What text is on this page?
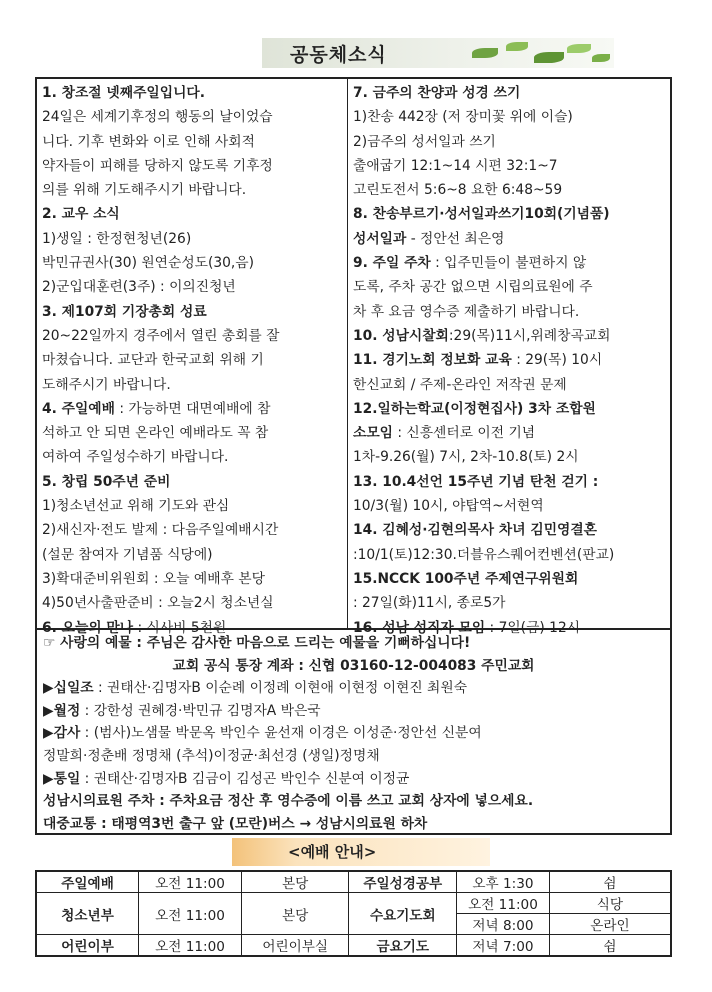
공동체소식
1. 창조절 넷째주일입니다.
24일은 세계기후정의 행동의 날이었습
니다. 기후 변화와 이로 인해 사회적
약자들이 피해를 당하지 않도록 기후정
의를 위해 기도해주시기 바랍니다.
2. 교우 소식
1)생일 : 한정현청년(26)
박민규권사(30) 원연순성도(30,음)
2)군입대훈련(3주) : 이의진청년
3. 제107회 기장총회 성료
20~22일까지 경주에서 열린 총회를 잘
마쳤습니다. 교단과 한국교회 위해 기
도해주시기 바랍니다.
4. 주일예배 : 가능하면 대면예배에 참
석하고 안 되면 온라인 예배라도 꼭 참
여하여 주일성수하기 바랍니다.
5. 창립 50주년 준비
1)청소년선교 위해 기도와 관심
2)새신자·전도 발제 : 다음주일예배시간
(설문 참여자 기념품 식당에)
3)확대준비위원회 : 오늘 예배후 본당
4)50년사출판준비 : 오늘2시 청소년실
6. 오늘의 만나 : 식사비 5천원
7. 금주의 찬양과 성경 쓰기
1)찬송 442장 (저 장미꽃 위에 이슬)
2)금주의 성서일과 쓰기
출애굽기 12:1~14 시편 32:1~7
고린도전서 5:6~8 요한 6:48~59
8. 찬송부르기·성서일과쓰기10회(기념품)
성서일과 - 정안선 최은영
9. 주일 주차 : 입주민들이 불편하지 않
도록, 주차 공간 없으면 시립의료원에 주
차 후 요금 영수증 제출하기 바랍니다.
10. 성남시찰회:29(목)11시,위례창곡교회
11. 경기노회 정보화 교육 : 29(목) 10시
한신교회 / 주제-온라인 저작권 문제
12.일하는학교(이정현집사) 3차 조합원
소모임 : 신흥센터로 이전 기념
1차-9.26(월) 7시, 2차-10.8(토) 2시
13. 10.4선언 15주년 기념 탄천 걷기 :
10/3(월) 10시, 야탑역~서현역
14. 김혜성·김현의목사 차녀 김민영결혼
:10/1(토)12:30.더블유스퀘어컨벤션(판교)
15.NCCK 100주년 주제연구위원회
: 27일(화)11시, 종로5가
16. 성남 성직자 모임 : 7일(금) 12시
☞ 사랑의 예물 : 주님은 감사한 마음으로 드리는 예물을 기뻐하십니다!
교회 공식 통장 계좌 : 신협 03160-12-004083 주민교회
▶십일조 : 권태산·김명자B 이순례 이정례 이현애 이현정 이현진 최원숙
▶월정 : 강한성 권혜경·박민규 김명자A 박은국
▶감사 : (범사)노샘물 박문옥 박인수 윤선재 이경은 이성준·정안선 신분여
정말희·정춘배 정명채 (추석)이정균·최선경 (생일)정명채
▶통일 : 권태산·김명자B 김금이 김성곤 박인수 신분여 이정균
성남시의료원 주차 : 주차요금 정산 후 영수증에 이름 쓰고 교회 상자에 넣으세요.
대중교통 : 태평역3번 출구 앞 (모란)버스 → 성남시의료원 하차
<예배 안내>
주일예배	오전 11:00	본당	주일성경공부	오후 1:30	쉼
청소년부	오전 11:00	본당	수요기도회	오전 11:00	식당
				저녁 8:00	온라인
어린이부	오전 11:00	어린이부실	금요기도	저녁 7:00	쉼
